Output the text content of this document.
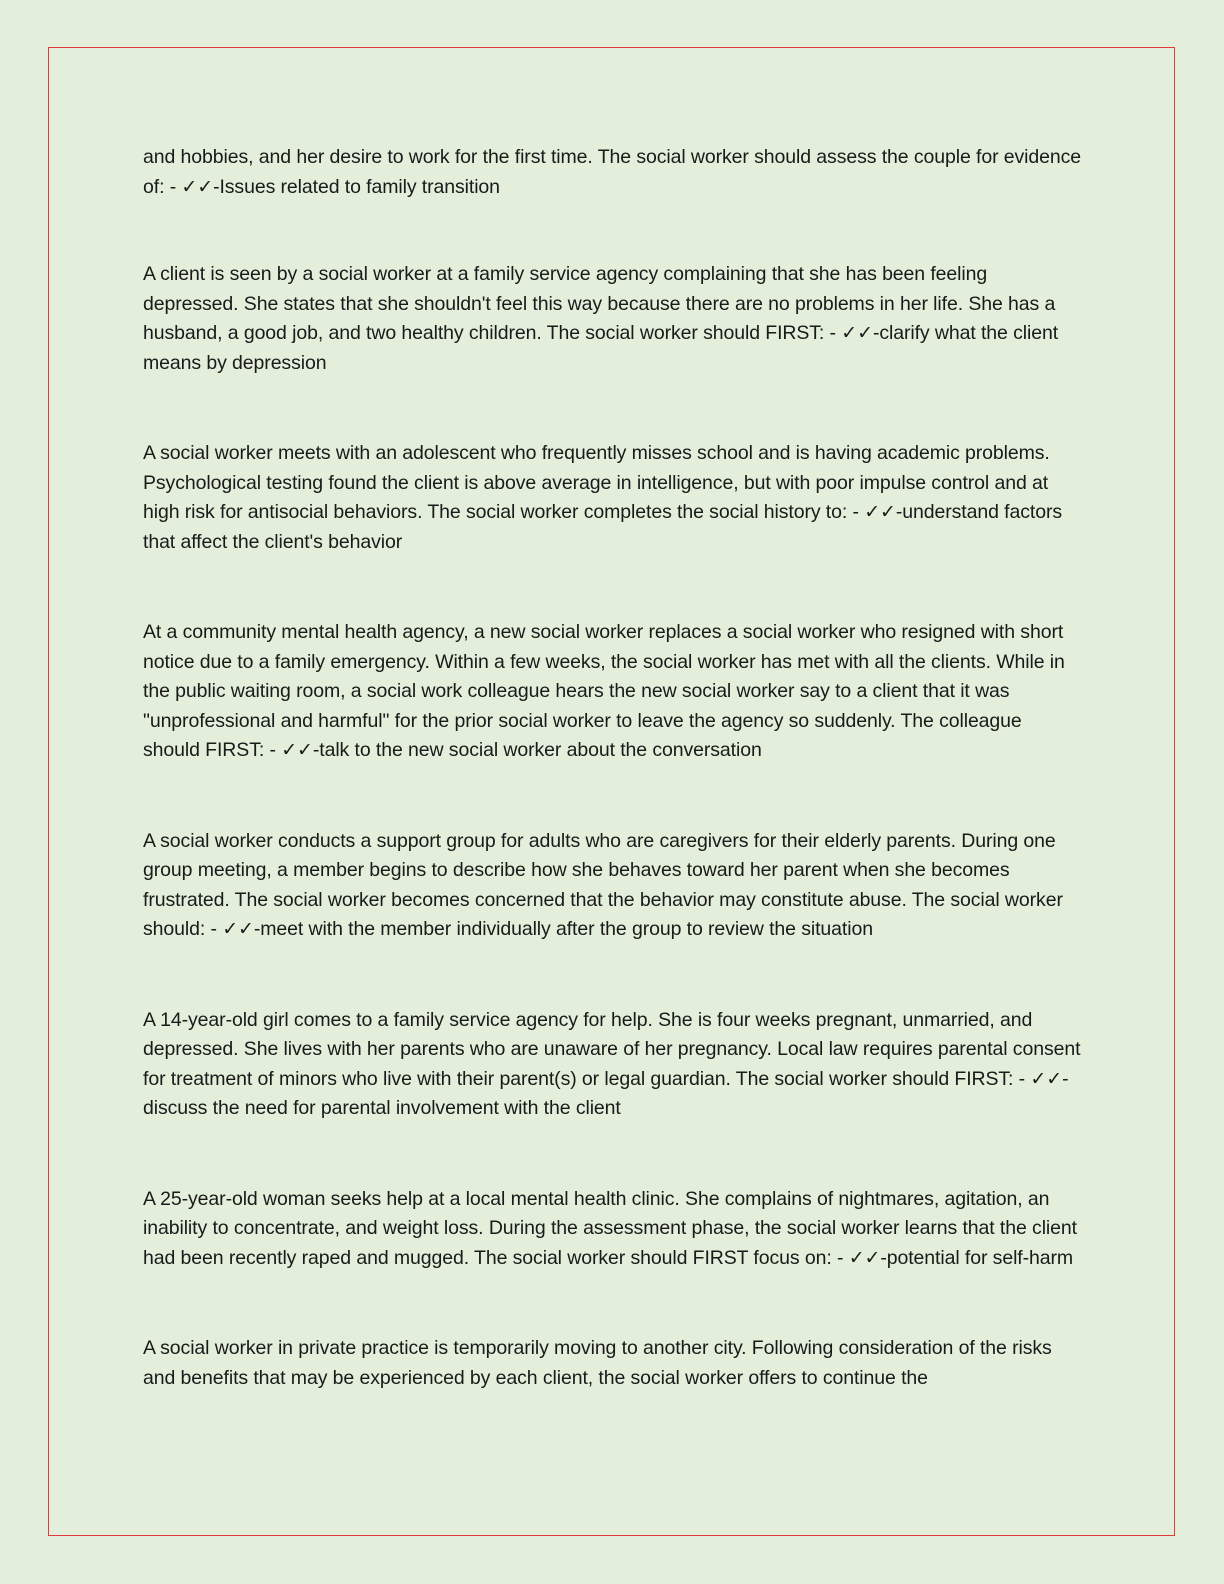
and hobbies, and her desire to work for the first time. The social worker should assess the couple for evidence of: - ✓✓-Issues related to family transition

A client is seen by a social worker at a family service agency complaining that she has been feeling depressed. She states that she shouldn't feel this way because there are no problems in her life. She has a husband, a good job, and two healthy children. The social worker should FIRST: - ✓✓-clarify what the client means by depression

A social worker meets with an adolescent who frequently misses school and is having academic problems. Psychological testing found the client is above average in intelligence, but with poor impulse control and at high risk for antisocial behaviors. The social worker completes the social history to: - ✓✓-understand factors that affect the client's behavior

At a community mental health agency, a new social worker replaces a social worker who resigned with short notice due to a family emergency. Within a few weeks, the social worker has met with all the clients. While in the public waiting room, a social work colleague hears the new social worker say to a client that it was "unprofessional and harmful" for the prior social worker to leave the agency so suddenly. The colleague should FIRST: - ✓✓-talk to the new social worker about the conversation

A social worker conducts a support group for adults who are caregivers for their elderly parents. During one group meeting, a member begins to describe how she behaves toward her parent when she becomes frustrated. The social worker becomes concerned that the behavior may constitute abuse. The social worker should: - ✓✓-meet with the member individually after the group to review the situation

A 14-year-old girl comes to a family service agency for help. She is four weeks pregnant, unmarried, and depressed. She lives with her parents who are unaware of her pregnancy. Local law requires parental consent for treatment of minors who live with their parent(s) or legal guardian. The social worker should FIRST: - ✓✓-discuss the need for parental involvement with the client

A 25-year-old woman seeks help at a local mental health clinic. She complains of nightmares, agitation, an inability to concentrate, and weight loss. During the assessment phase, the social worker learns that the client had been recently raped and mugged. The social worker should FIRST focus on: - ✓✓-potential for self-harm

A social worker in private practice is temporarily moving to another city. Following consideration of the risks and benefits that may be experienced by each client, the social worker offers to continue the
